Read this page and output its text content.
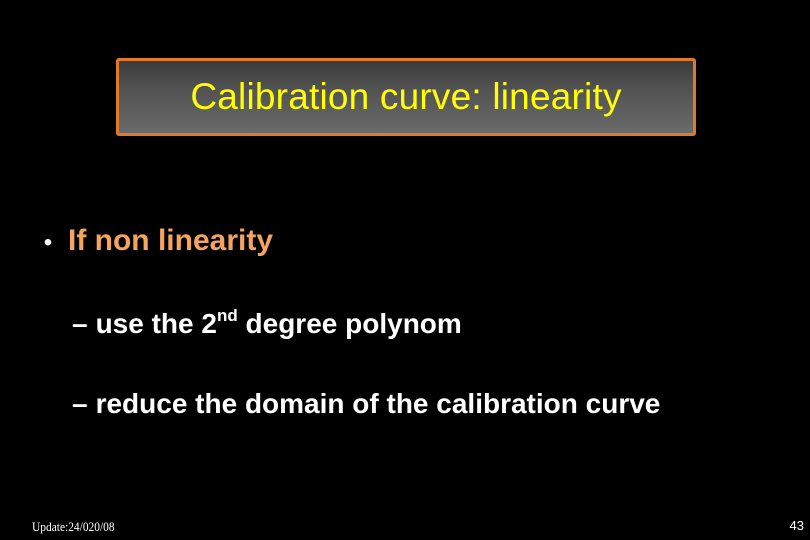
Calibration curve: linearity
• If non linearity
– use the 2nd degree polynom
– reduce the domain of the calibration curve
Update:24/020/08	43
